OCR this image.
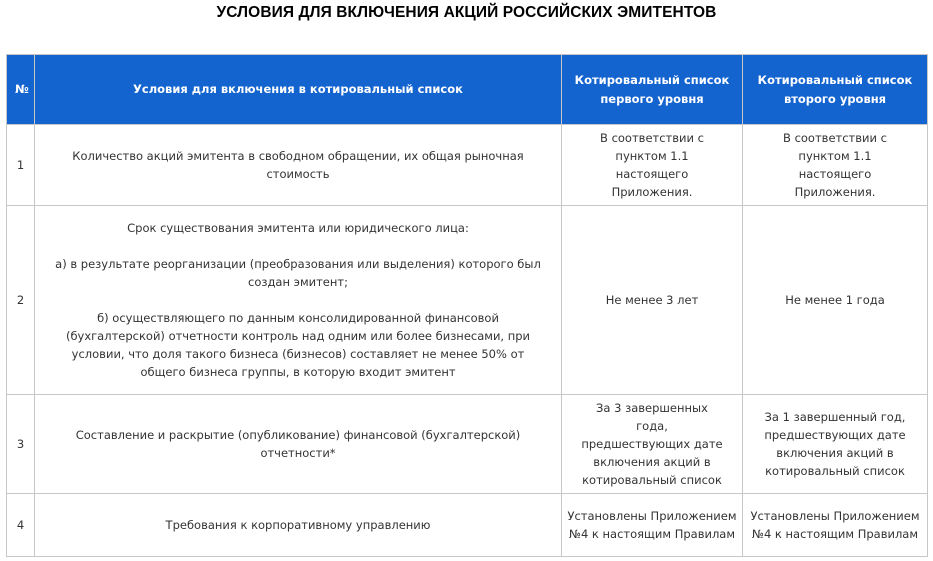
УСЛОВИЯ ДЛЯ ВКЛЮЧЕНИЯ АКЦИЙ РОССИЙСКИХ ЭМИТЕНТОВ
№	Условия для включения в котировальный список	Котировальный список первого уровня	Котировальный список второго уровня
1	Количество акций эмитента в свободном обращении, их общая рыночная стоимость	В соответствии с пунктом 1.1 настоящего Приложения.	В соответствии с пунктом 1.1 настоящего Приложения.
2	Срок существования эмитента или юридического лица:

а) в результате реорганизации (преобразования или выделения) которого был создан эмитент;

б) осуществляющего по данным консолидированной финансовой (бухгалтерской) отчетности контроль над одним или более бизнесами, при условии, что доля такого бизнеса (бизнесов) составляет не менее 50% от общего бизнеса группы, в которую входит эмитент	Не менее 3 лет	Не менее 1 года
3	Составление и раскрытие (опубликование) финансовой (бухгалтерской) отчетности*	За 3 завершенных года, предшествующих дате включения акций в котировальный список	За 1 завершенный год, предшествующих дате включения акций в котировальный список
4	Требования к корпоративному управлению	Установлены Приложением №4 к настоящим Правилам	Установлены Приложением №4 к настоящим Правилам
